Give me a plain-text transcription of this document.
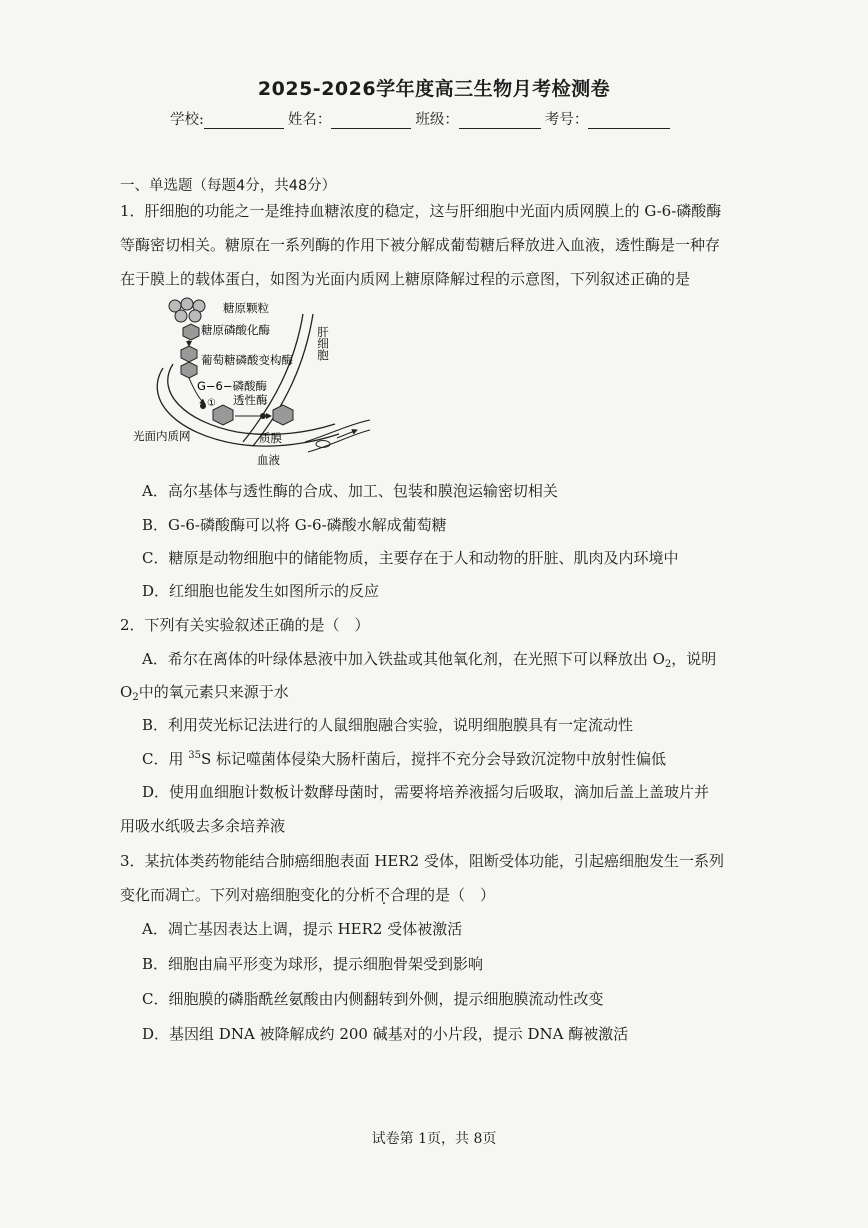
2025-2026学年度高三生物月考检测卷
学校:	姓名：	班级：	考号：
一、单选题（每题4分，共48分）
1．肝细胞的功能之一是维持血糖浓度的稳定，这与肝细胞中光面内质网膜上的 G-6-磷酸酶
等酶密切相关。糖原在一系列酶的作用下被分解成葡萄糖后释放进入血液，透性酶是一种存
在于膜上的载体蛋白，如图为光面内质网上糖原降解过程的示意图，下列叙述正确的是
糖原颗粒
糖原磷酸化酶
葡萄糖磷酸变构酶
G−6−磷酸酶
① 透性酶
光面内质网	质膜
血液
肝细胞
A．高尔基体与透性酶的合成、加工、包装和膜泡运输密切相关
B．G-6-磷酸酶可以将 G-6-磷酸水解成葡萄糖
C．糖原是动物细胞中的储能物质，主要存在于人和动物的肝脏、肌肉及内环境中
D．红细胞也能发生如图所示的反应
2．下列有关实验叙述正确的是（　）
A．希尔在离体的叶绿体悬液中加入铁盐或其他氧化剂，在光照下可以释放出 $O_2$，说明
$O_2$中的氧元素只来源于水
B．利用荧光标记法进行的人鼠细胞融合实验，说明细胞膜具有一定流动性
C．用 $^{35}$S 标记噬菌体侵染大肠杆菌后，搅拌不充分会导致沉淀物中放射性偏低
D．使用血细胞计数板计数酵母菌时，需要将培养液摇匀后吸取，滴加后盖上盖玻片并
用吸水纸吸去多余培养液
3．某抗体类药物能结合肺癌细胞表面 HER2 受体，阻断受体功能，引起癌细胞发生一系列
变化而凋亡。下列对癌细胞变化的分析不合理的是（　）
A．凋亡基因表达上调，提示 HER2 受体被激活
B．细胞由扁平形变为球形，提示细胞骨架受到影响
C．细胞膜的磷脂酰丝氨酸由内侧翻转到外侧，提示细胞膜流动性改变
D．基因组 DNA 被降解成约 200 碱基对的小片段，提示 DNA 酶被激活
试卷第 1页，共 8页
